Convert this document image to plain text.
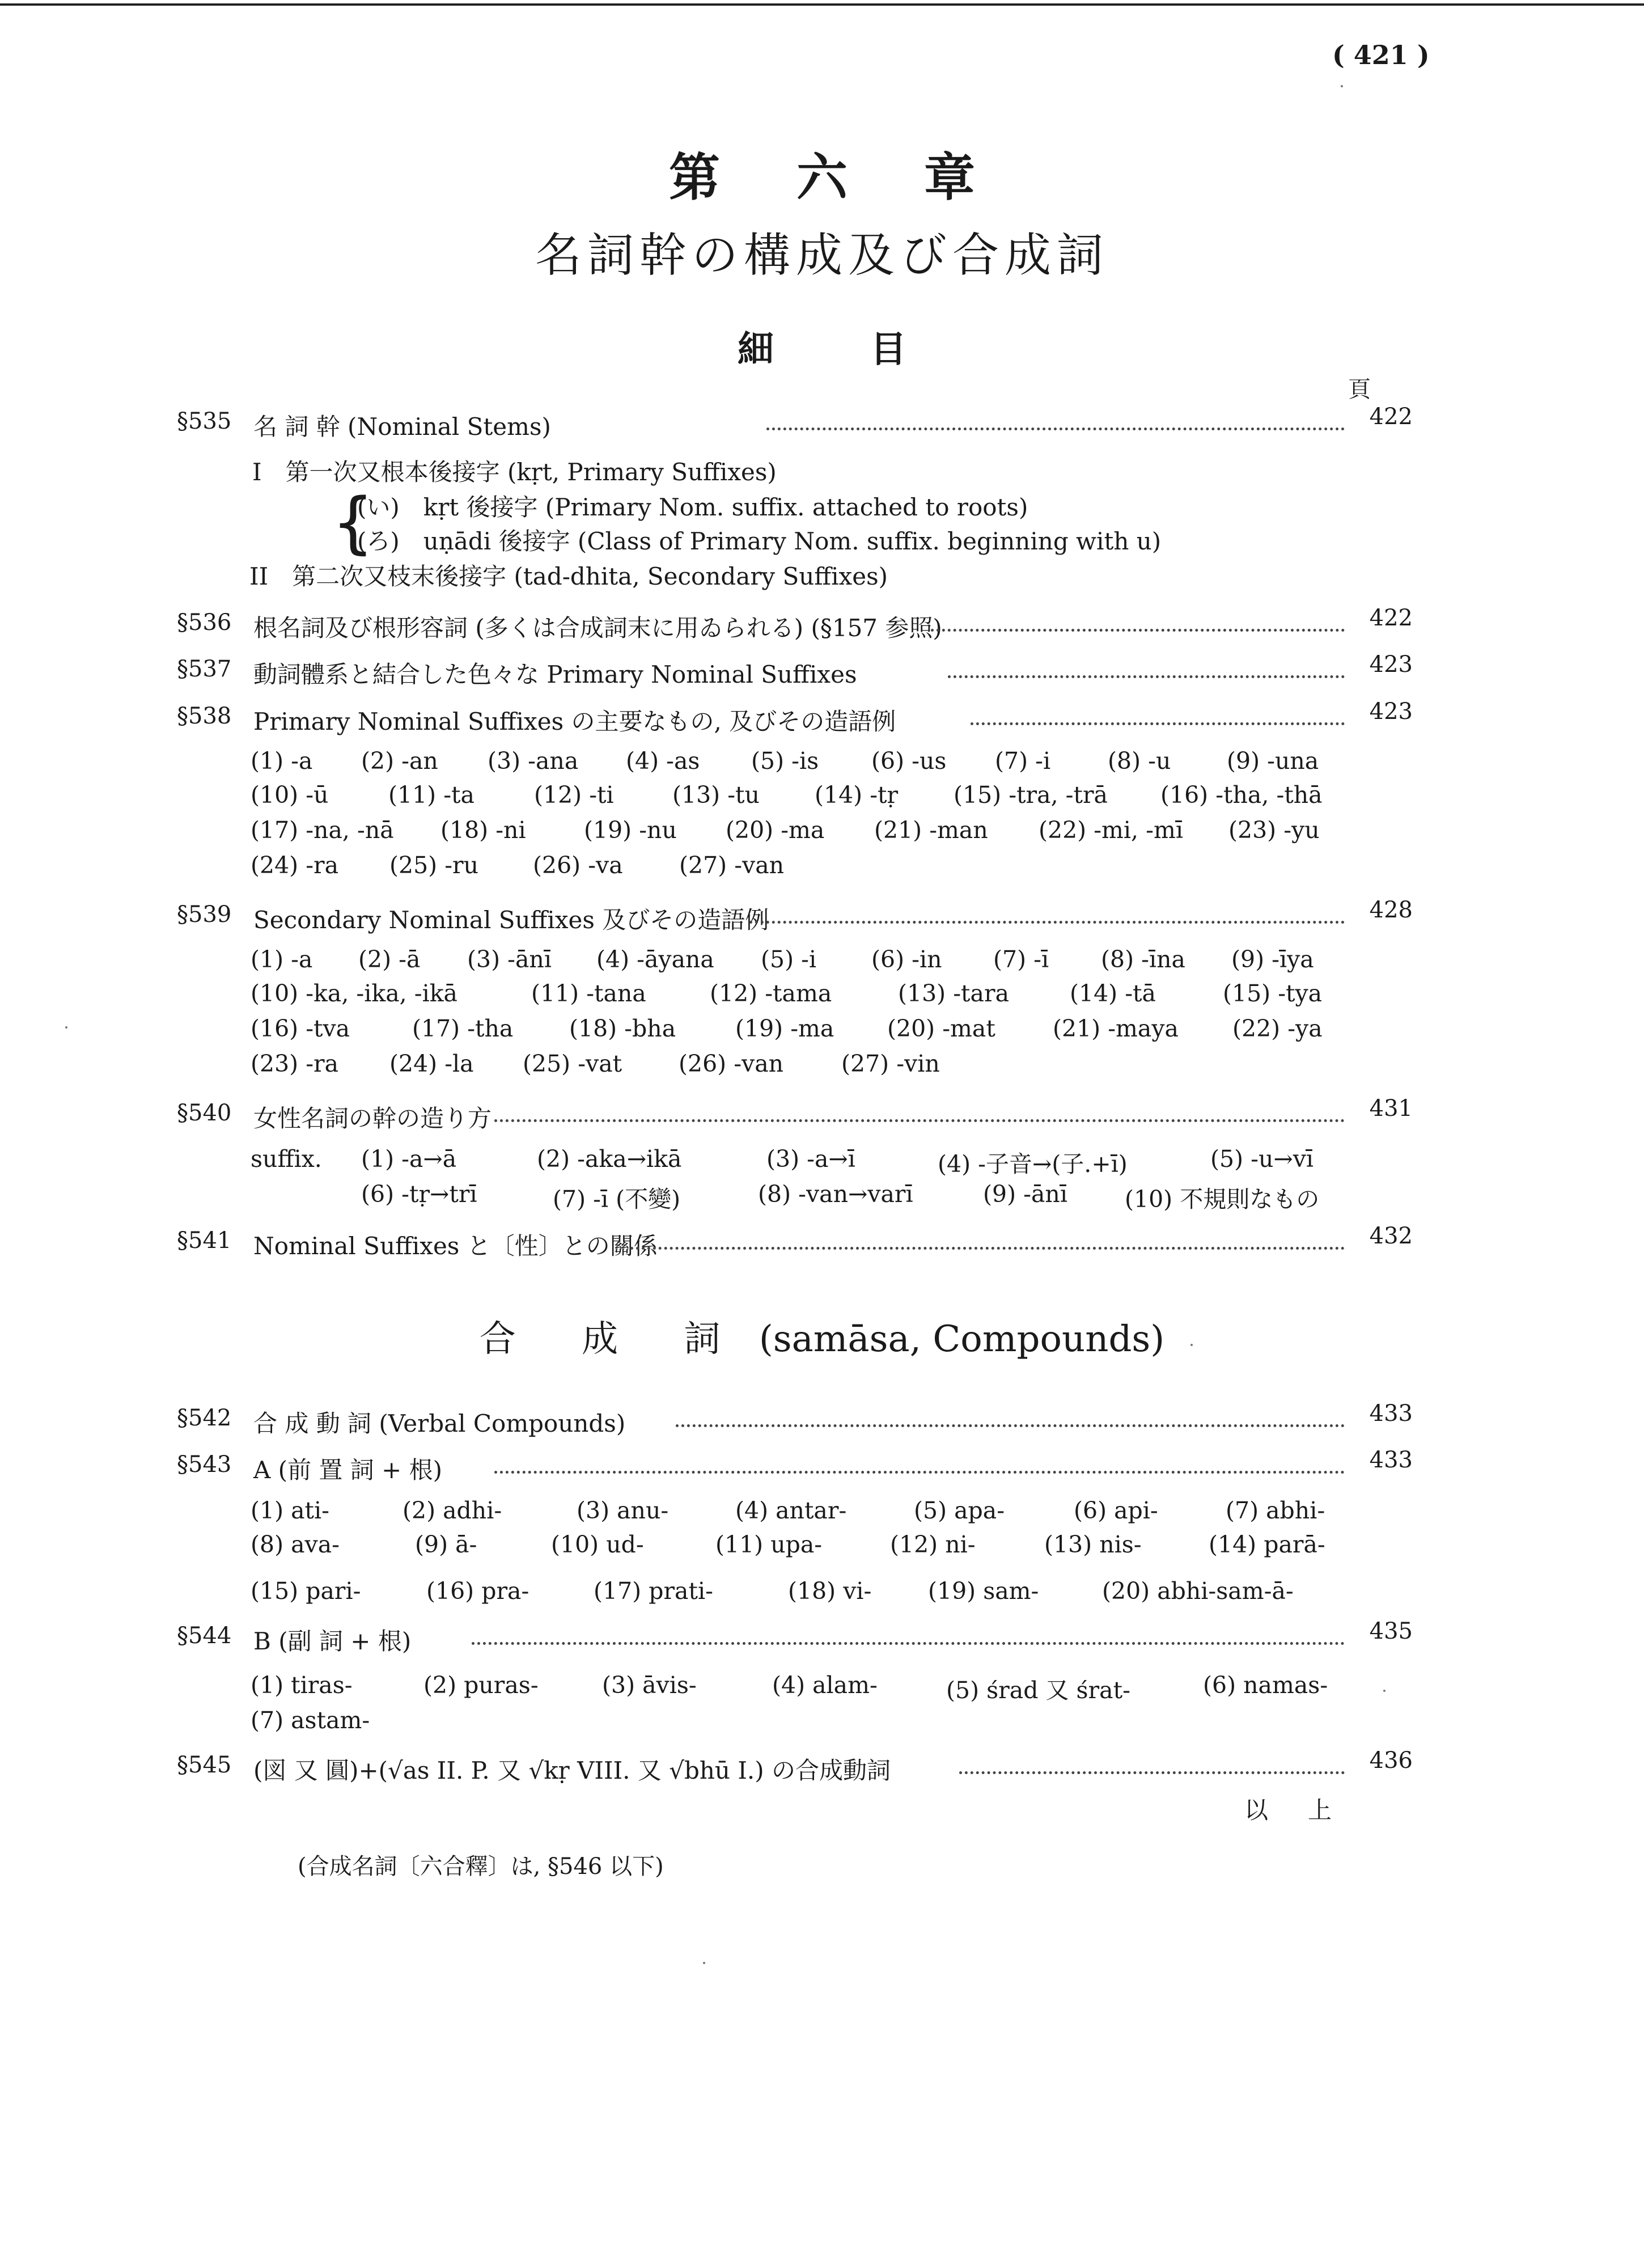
( 421 )
第六章
名詞幹の構成及び合成詞
細目
頁
§535 名 詞 幹 (Nominal Stems)	422
I　第一次又根本後接字 (kṛt, Primary Suffixes)
{
(い)　kṛt 後接字 (Primary Nom. suffix. attached to roots)
(ろ)　uṇādi 後接字 (Class of Primary Nom. suffix. beginning with u)
II　第二次又枝末後接字 (tad-dhita, Secondary Suffixes)
§536 根名詞及び根形容詞 (多くは合成詞末に用ゐられる) (§157 参照)	422
§537 動詞體系と結合した色々な Primary Nominal Suffixes	423
§538 Primary Nominal Suffixes の主要なもの, 及びその造語例	423
(1) -a (2) -an (3) -ana (4) -as (5) -is (6) -us (7) -i (8) -u (9) -una
(10) -ū	(11) -ta	(12) -ti	(13) -tu (14) -tṛ (15) -tra, -trā (16) -tha, -thā
(17) -na, -nā (18) -ni (19) -nu (20) -ma (21) -man (22) -mi, -mī (23) -yu
(24) -ra (25) -ru (26) -va (27) -van
§539 Secondary Nominal Suffixes 及びその造語例	428
(1) -a (2) -ā (3) -ānī (4) -āyana (5) -i (6) -in (7) -ī (8) -īna (9) -īya
(10) -ka, -ika, -ikā	(11) -tana	(12) -tama	(13) -tara	(14) -tā	(15) -tya
(16) -tva	(17) -tha (18) -bha	(19) -ma (20) -mat (21) -maya (22) -ya
(23) -ra (24) -la (25) -vat (26) -van (27) -vin
§540 女性名詞の幹の造り方	431
suffix. (1) -a→ā	(2) -aka→ikā	(3) -a→ī	(4) -子音→(子.+ī)	(5) -u→vī
(6) -tṛ→trī	(7) -ī (不變)	(8) -van→varī	(9) -ānī (10) 不規則なもの
§541 Nominal Suffixes と〔性〕との關係	432
合 成 詞 (samāsa, Compounds)
§542 合 成 動 詞 (Verbal Compounds)	433
§543 A (前 置 詞 + 根)	433
(1) ati-	(2) adhi-	(3) anu-	(4) antar-	(5) apa-	(6) api-	(7) abhi-
(8) ava-	(9) ā-	(10) ud-	(11) upa-	(12) ni-	(13) nis-	(14) parā-
(15) pari-	(16) pra-	(17) prati-	(18) vi- (19) sam-	(20) abhi-sam-ā-
§544 B (副 詞 + 根)	435
(1) tiras-	(2) puras-	(3) āvis-	(4) alam-	(5) śrad 又 śrat-	(6) namas-
(7) astam-
§545 (図 又 圓)+(√as II. P. 又 √kṛ VIII. 又 √bhū I.) の合成動詞	436
以上
(合成名詞〔六合釋〕は, §546 以下)
